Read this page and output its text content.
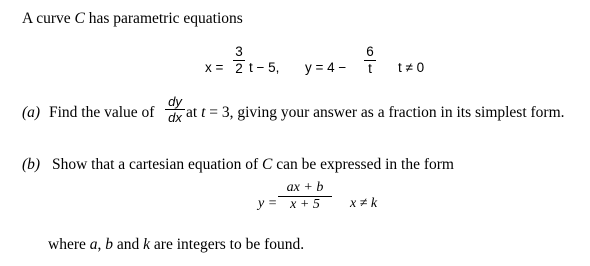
A curve C has parametric equations
x =
3
2 t − 5, y = 4 −
6
t	t ≠ 0
(a) Find the value of
dy
dx at t = 3, giving your answer as a fraction in its simplest form.
(b) Show that a cartesian equation of C can be expressed in the form
y =
ax + b
x + 5	x ≠ k
where a, b and k are integers to be found.
